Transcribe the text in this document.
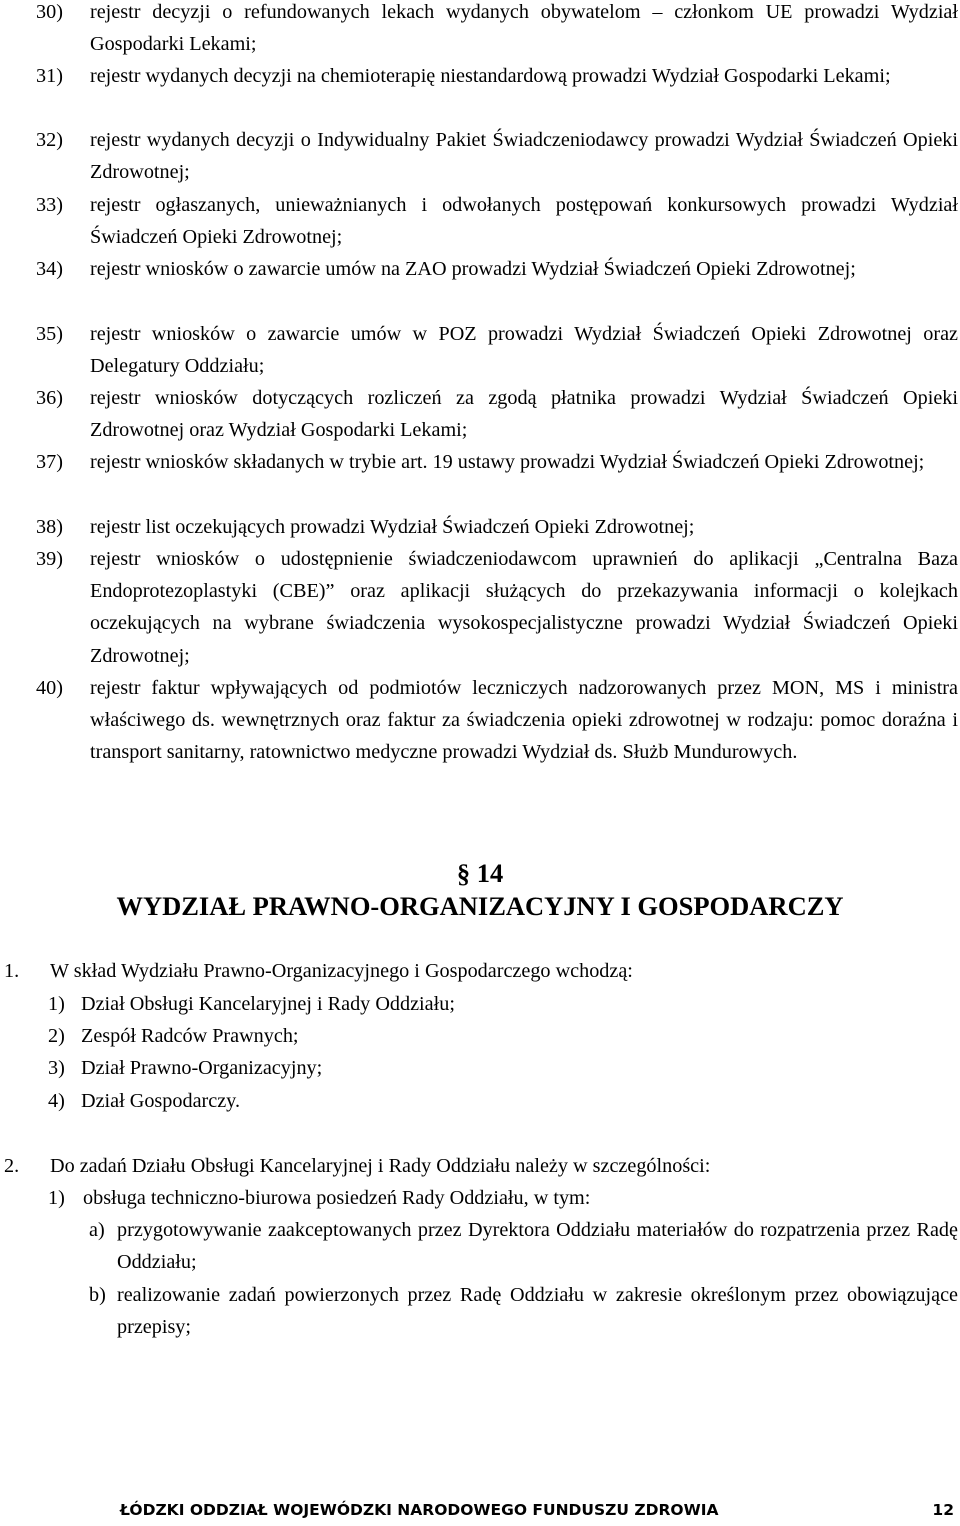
30) rejestr decyzji o refundowanych lekach wydanych obywatelom – członkom UE prowadzi Wydział Gospodarki Lekami;
31) rejestr wydanych decyzji na chemioterapię niestandardową prowadzi Wydział Gospodarki Lekami;
32) rejestr wydanych decyzji o Indywidualny Pakiet Świadczeniodawcy prowadzi Wydział Świadczeń Opieki Zdrowotnej;
33) rejestr ogłaszanych, unieważnianych i odwołanych postępowań konkursowych prowadzi Wydział Świadczeń Opieki Zdrowotnej;
34) rejestr wniosków o zawarcie umów na ZAO prowadzi Wydział Świadczeń Opieki Zdrowotnej;
35) rejestr wniosków o zawarcie umów w POZ prowadzi Wydział Świadczeń Opieki Zdrowotnej oraz Delegatury Oddziału;
36) rejestr wniosków dotyczących rozliczeń za zgodą płatnika prowadzi Wydział Świadczeń Opieki Zdrowotnej oraz Wydział Gospodarki Lekami;
37) rejestr wniosków składanych w trybie art. 19 ustawy prowadzi Wydział Świadczeń Opieki Zdrowotnej;
38) rejestr list oczekujących prowadzi Wydział Świadczeń Opieki Zdrowotnej;
39) rejestr wniosków o udostępnienie świadczeniodawcom uprawnień do aplikacji „Centralna Baza Endoprotezoplastyki (CBE)” oraz aplikacji służących do przekazywania informacji o kolejkach oczekujących na wybrane świadczenia wysokospecjalistyczne prowadzi Wydział Świadczeń Opieki Zdrowotnej;
40) rejestr faktur wpływających od podmiotów leczniczych nadzorowanych przez MON, MS i ministra właściwego ds. wewnętrznych oraz faktur za świadczenia opieki zdrowotnej w rodzaju: pomoc doraźna i transport sanitarny, ratownictwo medyczne prowadzi Wydział ds. Służb Mundurowych.
§ 14
WYDZIAŁ PRAWNO-ORGANIZACYJNY I GOSPODARCZY
1. W skład Wydziału Prawno-Organizacyjnego i Gospodarczego wchodzą:
1) Dział Obsługi Kancelaryjnej i Rady Oddziału;
2) Zespół Radców Prawnych;
3) Dział Prawno-Organizacyjny;
4) Dział Gospodarczy.
2. Do zadań Działu Obsługi Kancelaryjnej i Rady Oddziału należy w szczególności:
1) obsługa techniczno-biurowa posiedzeń Rady Oddziału, w tym:
a) przygotowywanie zaakceptowanych przez Dyrektora Oddziału materiałów do rozpatrzenia przez Radę Oddziału;
b) realizowanie zadań powierzonych przez Radę Oddziału w zakresie określonym przez obowiązujące przepisy;
ŁÓDZKI ODDZIAŁ WOJEWÓDZKI NARODOWEGO FUNDUSZU ZDROWIA	12
